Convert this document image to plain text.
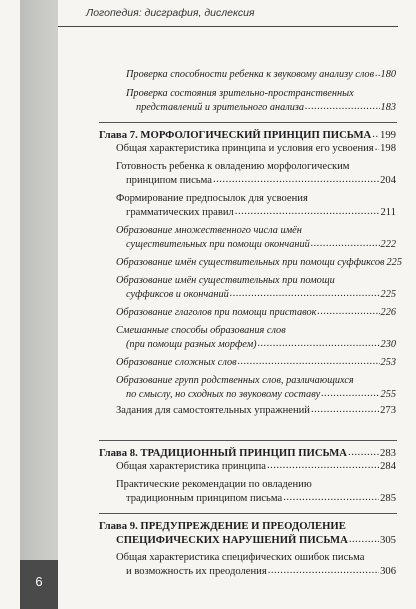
Логопедия: дисграфия, дислексия
6
Проверка способности ребенка к звуковому анализу слов ..... 180
Проверка состояния зрительно-пространственных
представлений и зрительного анализа .....	183
Глава 7. МОРФОЛОГИЧЕСКИЙ ПРИНЦИП ПИСЬМА ..... 199
Общая характеристика принципа и условия его усвоения ..... 198
Готовность ребенка к овладению морфологическим
принципом письма .....	204
Формирование предпосылок для усвоения
грамматических правил .....	211
Образование множественного числа имён
существительных при помощи окончаний .....	222
Образование имён существительных при помощи суффиксов 225
Образование имён существительных при помощи
суффиксов и окончаний .....	225
Образование глаголов при помощи приставок .....	226
Смешанные способы образования слов
(при помощи разных морфем) .....	230
Образование сложных слов .....	253
Образование групп родственных слов, различающихся
по смыслу, но сходных по звуковому составу .....	255
Задания для самостоятельных упражнений .....	273
Глава 8. ТРАДИЦИОННЫЙ ПРИНЦИП ПИСЬМА .....	283
Общая характеристика принципа .....	284
Практические рекомендации по овладению
традиционным принципом письма .....	285
Глава 9. ПРЕДУПРЕЖДЕНИЕ И ПРЕОДОЛЕНИЕ
СПЕЦИФИЧЕСКИХ НАРУШЕНИЙ ПИСЬМА .....	305
Общая характеристика специфических ошибок письма
и возможность их преодоления .....	306
